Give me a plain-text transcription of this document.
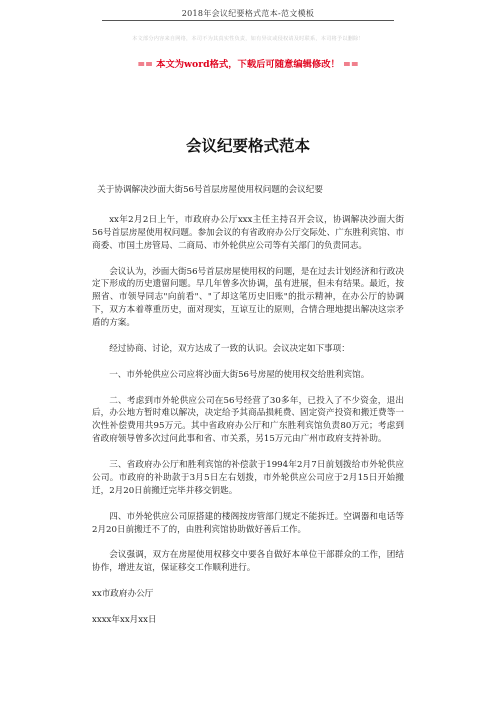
2018年会议纪要格式范本-范文模板
本文部分内容来自网络，本司不为其真实性负责，如有异议或侵权请及时联系，本司将予以删除！
== 本文为word格式，下载后可随意编辑修改！ ==
会议纪要格式范本

关于协调解决沙面大街56号首层房屋使用权问题的会议纪要

xx年2月2日上午，市政府办公厅xxx主任主持召开会议，协调解决沙面大街56号首层房屋使用权问题。参加会议的有省政府办公厅交际处、广东胜利宾馆、市商委、市国土房管局、二商局、市外轮供应公司等有关部门的负责同志。

会议认为，沙面大街56号首层房屋使用权的问题，是在过去计划经济和行政决定下形成的历史遗留问题。早几年曾多次协调，虽有进展，但未有结果。最近，按照省、市领导同志"向前看"、"了却这笔历史旧账"的批示精神，在办公厅的协调下，双方本着尊重历史，面对现实，互谅互让的原则，合情合理地提出解决这宗矛盾的方案。

经过协商、讨论，双方达成了一致的认识。会议决定如下事项：

一、市外轮供应公司应将沙面大街56号房屋的使用权交给胜利宾馆。

二、考虑到市外轮供应公司在56号经营了30多年，已投入了不少资金，退出后，办公地方暂时难以解决，决定给予其商品损耗费、固定资产投资和搬迁费等一次性补偿费用共95万元。其中省政府办公厅和广东胜利宾馆负责80万元；考虑到省政府领导曾多次过问此事和省、市关系，另15万元由广州市政府支持补助。

三、省政府办公厅和胜利宾馆的补偿款于1994年2月7日前划拨给市外轮供应公司。市政府的补助款于3月5日左右划拨，市外轮供应公司应于2月15日开始搬迁，2月20日前搬迁完毕并移交钥匙。

四、市外轮供应公司原搭建的楼阁按房管部门规定不能拆迁。空调器和电话等2月20日前搬迁不了的，由胜利宾馆协助做好善后工作。

会议强调，双方在房屋使用权移交中要各自做好本单位干部群众的工作，团结协作，增进友谊，保证移交工作顺利进行。

xx市政府办公厅

xxxx年xx月xx日
